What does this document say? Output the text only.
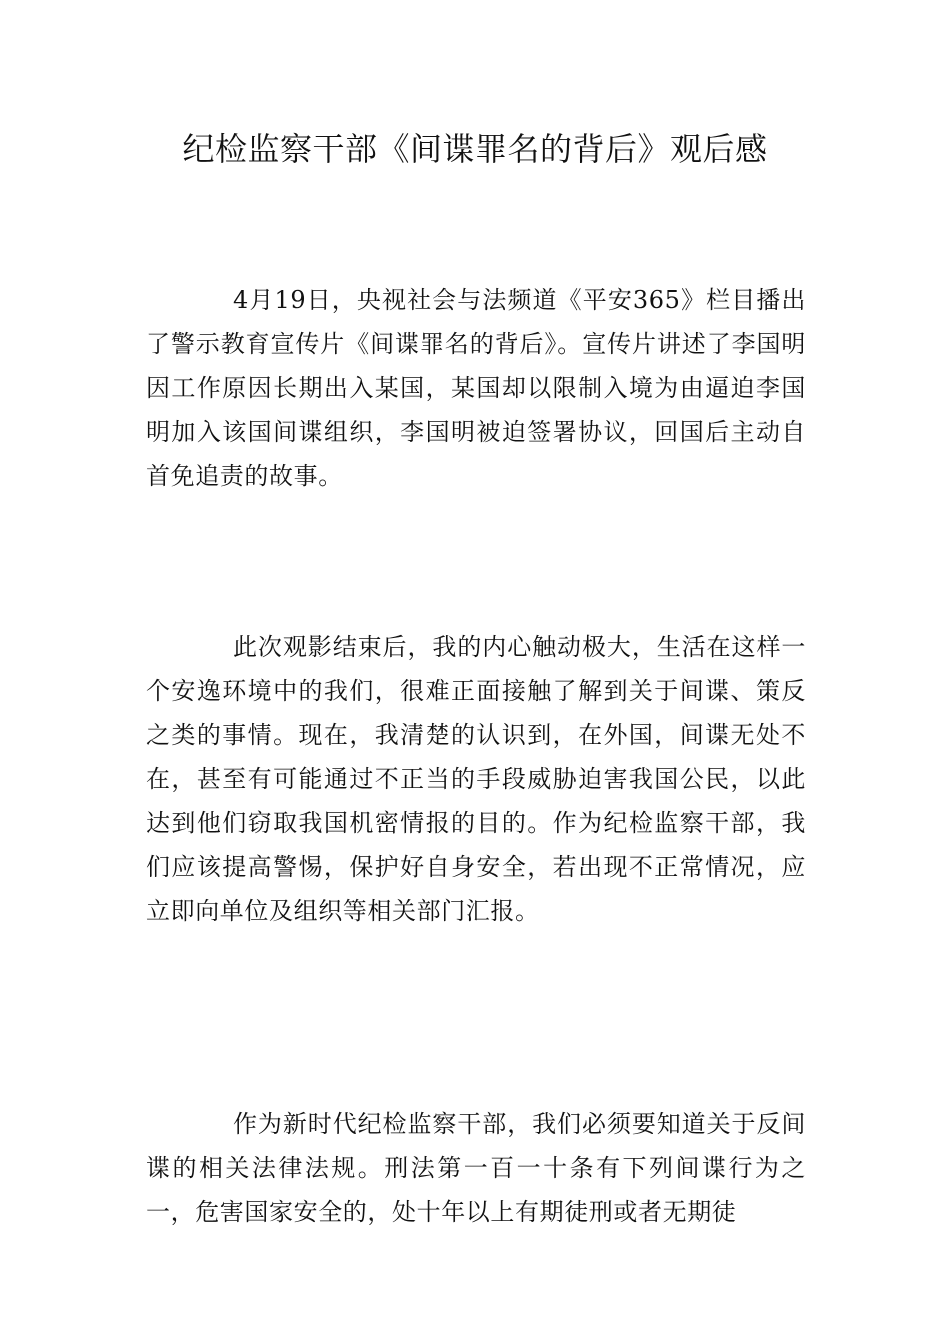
纪检监察干部《间谍罪名的背后》观后感

4月19日，央视社会与法频道《平安365》栏目播出了警示教育宣传片《间谍罪名的背后》。宣传片讲述了李国明因工作原因长期出入某国，某国却以限制入境为由逼迫李国明加入该国间谍组织，李国明被迫签署协议，回国后主动自首免追责的故事。

此次观影结束后，我的内心触动极大，生活在这样一个安逸环境中的我们，很难正面接触了解到关于间谍、策反之类的事情。现在，我清楚的认识到，在外国，间谍无处不在，甚至有可能通过不正当的手段威胁迫害我国公民，以此达到他们窃取我国机密情报的目的。作为纪检监察干部，我们应该提高警惕，保护好自身安全，若出现不正常情况，应立即向单位及组织等相关部门汇报。

作为新时代纪检监察干部，我们必须要知道关于反间谍的相关法律法规。刑法第一百一十条有下列间谍行为之一，危害国家安全的，处十年以上有期徒刑或者无期徒
